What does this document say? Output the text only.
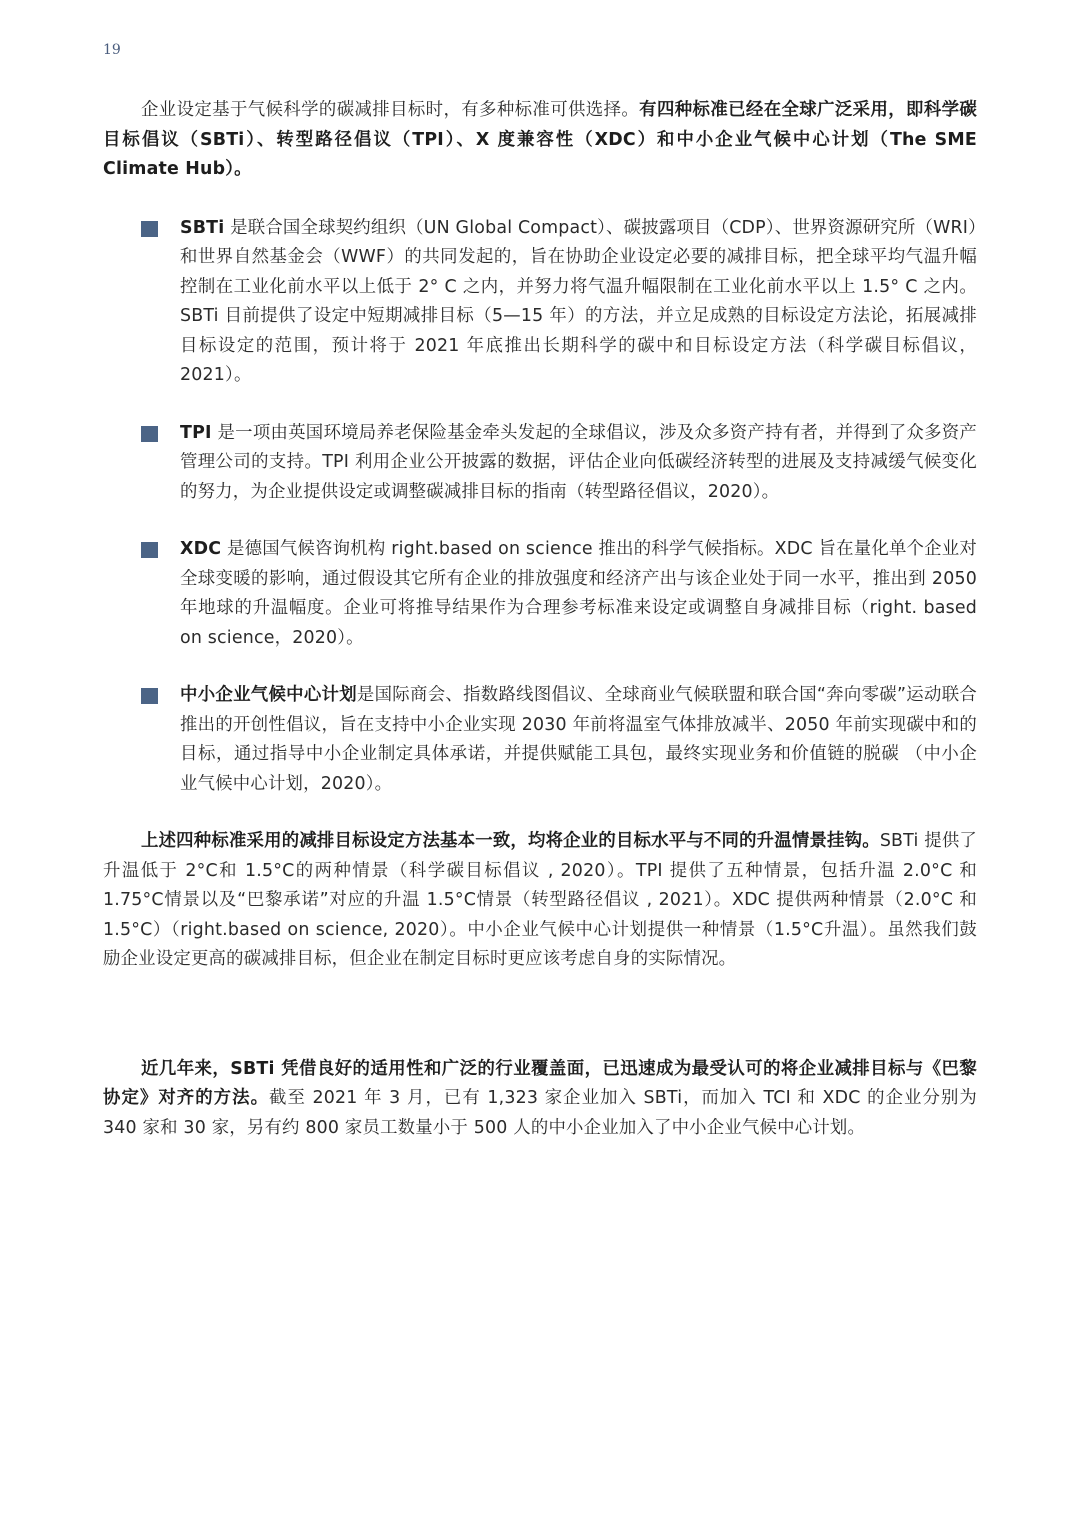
19

企业设定基于气候科学的碳减排目标时，有多种标准可供选择。有四种标准已经在全球广泛采用，即科学碳目标倡议（SBTi）、转型路径倡议（TPI）、X 度兼容性（XDC）和中小企业气候中心计划（The SME Climate Hub）。

SBTi 是联合国全球契约组织（UN Global Compact）、碳披露项目（CDP）、世界资源研究所（WRI）和世界自然基金会（WWF）的共同发起的，旨在协助企业设定必要的减排目标，把全球平均气温升幅控制在工业化前水平以上低于 2° C 之内，并努力将气温升幅限制在工业化前水平以上 1.5° C 之内。SBTi 目前提供了设定中短期减排目标（5—15 年）的方法，并立足成熟的目标设定方法论，拓展减排目标设定的范围，预计将于 2021 年底推出长期科学的碳中和目标设定方法（科学碳目标倡议，2021）。

TPI 是一项由英国环境局养老保险基金牵头发起的全球倡议，涉及众多资产持有者，并得到了众多资产管理公司的支持。TPI 利用企业公开披露的数据，评估企业向低碳经济转型的进展及支持减缓气候变化的努力，为企业提供设定或调整碳减排目标的指南（转型路径倡议，2020）。

XDC 是德国气候咨询机构 right.based on science 推出的科学气候指标。XDC 旨在量化单个企业对全球变暖的影响，通过假设其它所有企业的排放强度和经济产出与该企业处于同一水平，推出到 2050 年地球的升温幅度。企业可将推导结果作为合理参考标准来设定或调整自身减排目标（right. based on science，2020）。

中小企业气候中心计划是国际商会、指数路线图倡议、全球商业气候联盟和联合国“奔向零碳”运动联合推出的开创性倡议，旨在支持中小企业实现 2030 年前将温室气体排放减半、2050 年前实现碳中和的目标，通过指导中小企业制定具体承诺，并提供赋能工具包，最终实现业务和价值链的脱碳 （中小企业气候中心计划，2020）。

上述四种标准采用的减排目标设定方法基本一致，均将企业的目标水平与不同的升温情景挂钩。SBTi 提供了升温低于 2°C和 1.5°C的两种情景（科学碳目标倡议 , 2020）。TPI 提供了五种情景，包括升温 2.0°C 和 1.75°C情景以及“巴黎承诺”对应的升温 1.5°C情景（转型路径倡议 , 2021）。XDC 提供两种情景（2.0°C 和 1.5°C）（right.based on science, 2020）。中小企业气候中心计划提供一种情景（1.5°C升温）。虽然我们鼓励企业设定更高的碳减排目标，但企业在制定目标时更应该考虑自身的实际情况。

近几年来，SBTi 凭借良好的适用性和广泛的行业覆盖面，已迅速成为最受认可的将企业减排目标与《巴黎协定》对齐的方法。截至 2021 年 3 月，已有 1,323 家企业加入 SBTi，而加入 TCI 和 XDC 的企业分别为 340 家和 30 家，另有约 800 家员工数量小于 500 人的中小企业加入了中小企业气候中心计划。
